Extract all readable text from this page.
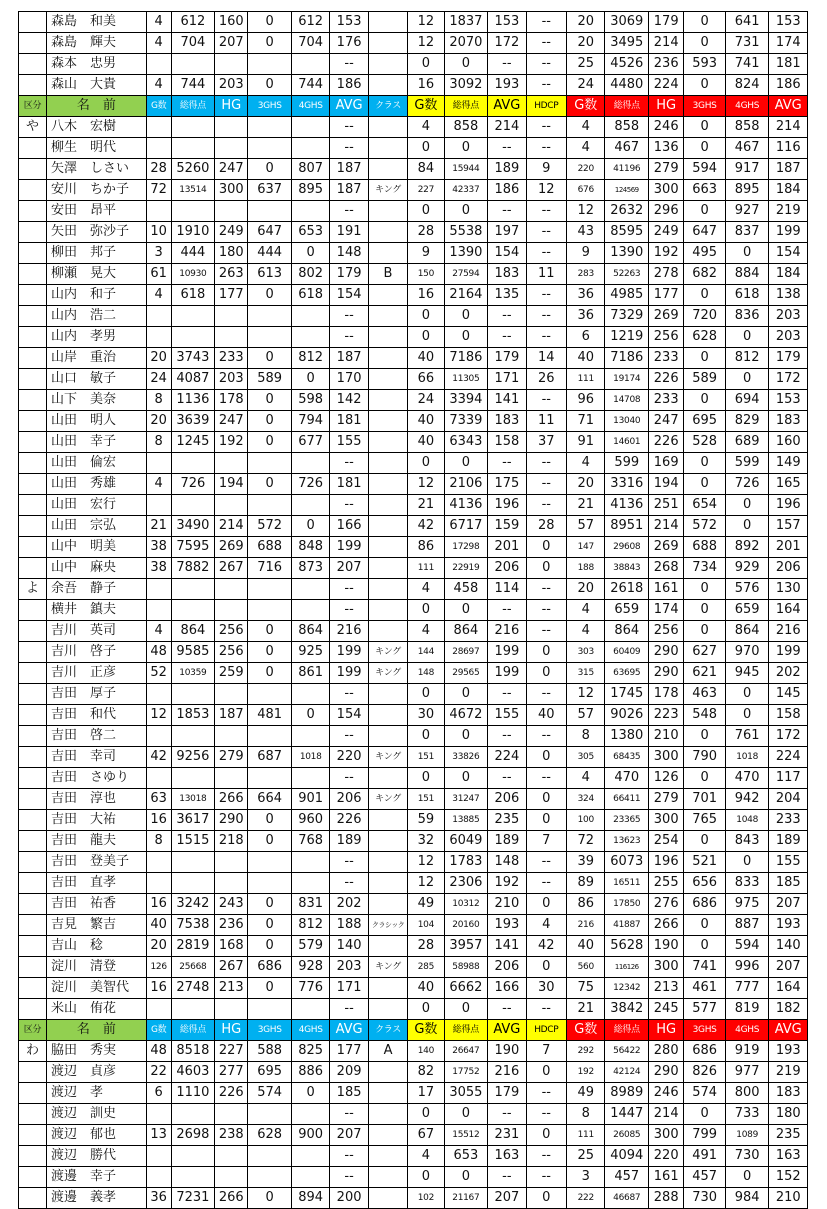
	森島　和美	4	612	160	0	612	153		12	1837	153	--	20	3069	179	0	641	153
	森島　輝夫	4	704	207	0	704	176		12	2070	172	--	20	3495	214	0	731	174
	森本　忠男						--		0	0	--	--	25	4526	236	593	741	181
	森山　大貴	4	744	203	0	744	186		16	3092	193	--	24	4480	224	0	824	186
区分	名　前	G数	総得点	HG	3GHS	4GHS	AVG	クラス	G数	総得点	AVG	HDCP	G数	総得点	HG	3GHS	4GHS	AVG
や	八木　宏樹						--		4	858	214	--	4	858	246	0	858	214
	柳生　明代						--		0	0	--	--	4	467	136	0	467	116
	矢澤　しさい	28	5260	247	0	807	187		84	15944	189	9	220	41196	279	594	917	187
	安川　ちか子	72	13514	300	637	895	187	キング	227	42337	186	12	676	124569	300	663	895	184
	安田　昂平						--		0	0	--	--	12	2632	296	0	927	219
	矢田　弥沙子	10	1910	249	647	653	191		28	5538	197	--	43	8595	249	647	837	199
	柳田　邦子	3	444	180	444	0	148		9	1390	154	--	9	1390	192	495	0	154
	柳瀬　晃大	61	10930	263	613	802	179	B	150	27594	183	11	283	52263	278	682	884	184
	山内　和子	4	618	177	0	618	154		16	2164	135	--	36	4985	177	0	618	138
	山内　浩二						--		0	0	--	--	36	7329	269	720	836	203
	山内　孝男						--		0	0	--	--	6	1219	256	628	0	203
	山岸　重治	20	3743	233	0	812	187		40	7186	179	14	40	7186	233	0	812	179
	山口　敏子	24	4087	203	589	0	170		66	11305	171	26	111	19174	226	589	0	172
	山下　美奈	8	1136	178	0	598	142		24	3394	141	--	96	14708	233	0	694	153
	山田　明人	20	3639	247	0	794	181		40	7339	183	11	71	13040	247	695	829	183
	山田　幸子	8	1245	192	0	677	155		40	6343	158	37	91	14601	226	528	689	160
	山田　倫宏						--		0	0	--	--	4	599	169	0	599	149
	山田　秀雄	4	726	194	0	726	181		12	2106	175	--	20	3316	194	0	726	165
	山田　宏行						--		21	4136	196	--	21	4136	251	654	0	196
	山田　宗弘	21	3490	214	572	0	166		42	6717	159	28	57	8951	214	572	0	157
	山中　明美	38	7595	269	688	848	199		86	17298	201	0	147	29608	269	688	892	201
	山中　麻央	38	7882	267	716	873	207		111	22919	206	0	188	38843	268	734	929	206
よ	余吾　静子						--		4	458	114	--	20	2618	161	0	576	130
	横井　鎮夫						--		0	0	--	--	4	659	174	0	659	164
	吉川　英司	4	864	256	0	864	216		4	864	216	--	4	864	256	0	864	216
	吉川　啓子	48	9585	256	0	925	199	キング	144	28697	199	0	303	60409	290	627	970	199
	吉川　正彦	52	10359	259	0	861	199	キング	148	29565	199	0	315	63695	290	621	945	202
	吉田　厚子						--		0	0	--	--	12	1745	178	463	0	145
	吉田　和代	12	1853	187	481	0	154		30	4672	155	40	57	9026	223	548	0	158
	吉田　啓二						--		0	0	--	--	8	1380	210	0	761	172
	吉田　幸司	42	9256	279	687	1018	220	キング	151	33826	224	0	305	68435	300	790	1018	224
	吉田　さゆり						--		0	0	--	--	4	470	126	0	470	117
	吉田　淳也	63	13018	266	664	901	206	キング	151	31247	206	0	324	66411	279	701	942	204
	吉田　大祐	16	3617	290	0	960	226		59	13885	235	0	100	23365	300	765	1048	233
	吉田　龍夫	8	1515	218	0	768	189		32	6049	189	7	72	13623	254	0	843	189
	吉田　登美子						--		12	1783	148	--	39	6073	196	521	0	155
	吉田　直孝						--		12	2306	192	--	89	16511	255	656	833	185
	吉田　祐香	16	3242	243	0	831	202		49	10312	210	0	86	17850	276	686	975	207
	吉見　繁吉	40	7538	236	0	812	188	クラシック	104	20160	193	4	216	41887	266	0	887	193
	吉山　稔	20	2819	168	0	579	140		28	3957	141	42	40	5628	190	0	594	140
	淀川　清登	126	25668	267	686	928	203	キング	285	58988	206	0	560	116126	300	741	996	207
	淀川　美智代	16	2748	213	0	776	171		40	6662	166	30	75	12342	213	461	777	164
	米山　侑花						--		0	0	--	--	21	3842	245	577	819	182
区分	名　前	G数	総得点	HG	3GHS	4GHS	AVG	クラス	G数	総得点	AVG	HDCP	G数	総得点	HG	3GHS	4GHS	AVG
わ	脇田　秀実	48	8518	227	588	825	177	A	140	26647	190	7	292	56422	280	686	919	193
	渡辺　貞彦	22	4603	277	695	886	209		82	17752	216	0	192	42124	290	826	977	219
	渡辺　孝	6	1110	226	574	0	185		17	3055	179	--	49	8989	246	574	800	183
	渡辺　訓史						--		0	0	--	--	8	1447	214	0	733	180
	渡辺　郁也	13	2698	238	628	900	207		67	15512	231	0	111	26085	300	799	1089	235
	渡辺　勝代						--		4	653	163	--	25	4094	220	491	730	163
	渡邊　幸子						--		0	0	--	--	3	457	161	457	0	152
	渡邊　義孝	36	7231	266	0	894	200		102	21167	207	0	222	46687	288	730	984	210
